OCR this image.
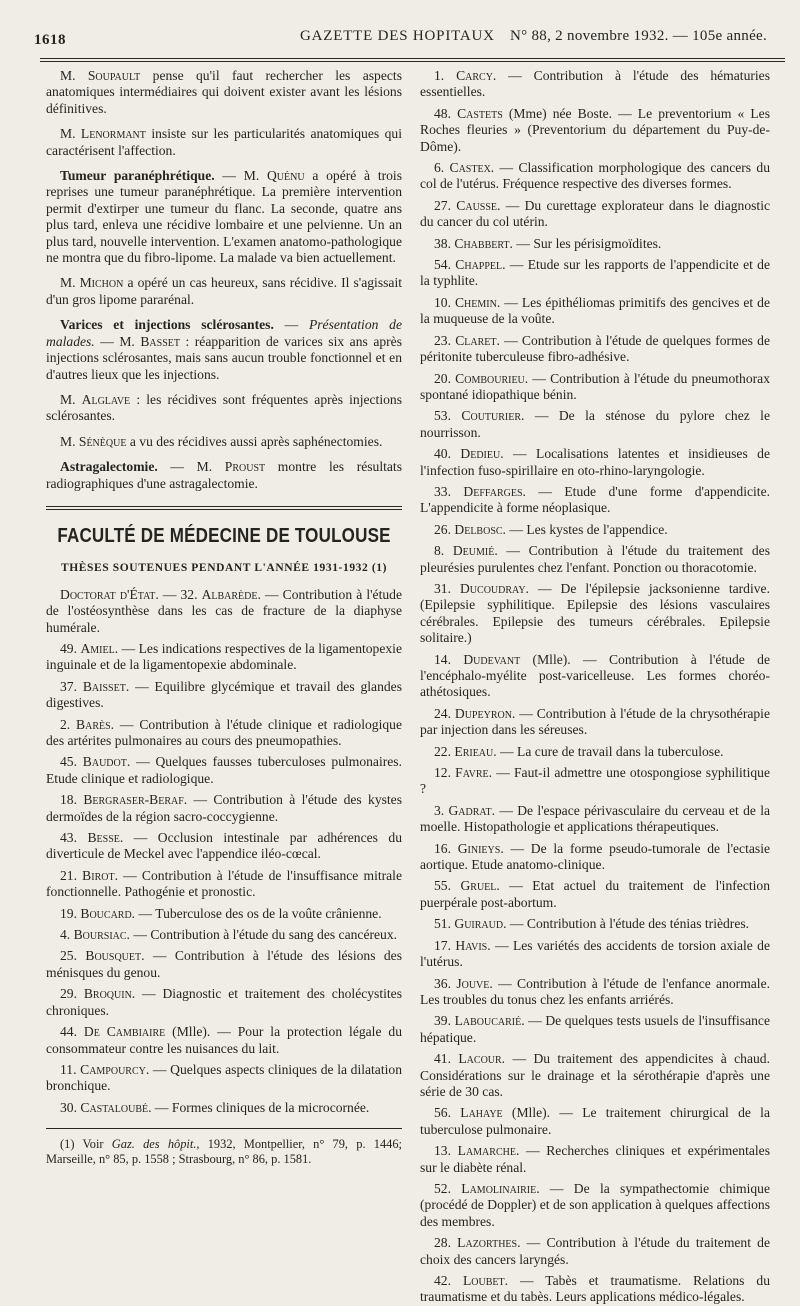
1618	GAZETTE DES HOPITAUX N° 88, 2 novembre 1932. — 105e année.

M. Soupault pense qu'il faut rechercher les aspects anatomiques intermédiaires qui doivent exister avant les lésions définitives.

M. Lenormant insiste sur les particularités anatomiques qui caractérisent l'affection.

Tumeur paranéphrétique. — M. Quénu a opéré à trois reprises une tumeur paranéphrétique. La première intervention permit d'extirper une tumeur du flanc. La seconde, quatre ans plus tard, enleva une récidive lombaire et une pelvienne. Un an plus tard, nouvelle intervention. L'examen anatomo-pathologique ne montra que du fibro-lipome. La malade va bien actuellement.

M. Michon a opéré un cas heureux, sans récidive. Il s'agissait d'un gros lipome pararénal.

Varices et injections sclérosantes. — Présentation de malades. — M. Basset : réapparition de varices six ans après injections sclérosantes, mais sans aucun trouble fonctionnel et en d'autres lieux que les injections.

M. Alglave : les récidives sont fréquentes après injections sclérosantes.

M. Sénèque a vu des récidives aussi après saphénectomies.

Astragalectomie. — M. Proust montre les résultats radiographiques d'une astragalectomie.

FACULTÉ DE MÉDECINE DE TOULOUSE
THÈSES SOUTENUES PENDANT L'ANNÉE 1931-1932 (1)

Doctorat d'État. — 32. Albarède. — Contribution à l'étude de l'ostéosynthèse dans les cas de fracture de la diaphyse humérale.

49. Amiel. — Les indications respectives de la ligamentopexie inguinale et de la ligamentopexie abdominale.

37. Baisset. — Equilibre glycémique et travail des glandes digestives.

2. Barès. — Contribution à l'étude clinique et radiologique des artérites pulmonaires au cours des pneumopathies.

45. Baudot. — Quelques fausses tuberculoses pulmonaires. Etude clinique et radiologique.

18. Bergraser-Beraf. — Contribution à l'étude des kystes dermoïdes de la région sacro-coccygienne.

43. Besse. — Occlusion intestinale par adhérences du diverticule de Meckel avec l'appendice iléo-cœcal.

21. Birot. — Contribution à l'étude de l'insuffisance mitrale fonctionnelle. Pathogénie et pronostic.

19. Boucard. — Tuberculose des os de la voûte crânienne.

4. Boursiac. — Contribution à l'étude du sang des cancéreux.

25. Bousquet. — Contribution à l'étude des lésions des ménisques du genou.

29. Broquin. — Diagnostic et traitement des cholécystites chroniques.

44. De Cambiaire (Mlle). — Pour la protection légale du consommateur contre les nuisances du lait.

11. Campourcy. — Quelques aspects cliniques de la dilatation bronchique.

30. Castaloubé. — Formes cliniques de la microcornée.

(1) Voir Gaz. des hôpit., 1932, Montpellier, n° 79, p. 1446; Marseille, n° 85, p. 1558 ; Strasbourg, n° 86, p. 1581.

1. Carcy. — Contribution à l'étude des hématuries essentielles.

48. Castets (Mme) née Boste. — Le preventorium « Les Roches fleuries » (Preventorium du département du Puy-de-Dôme).

6. Castex. — Classification morphologique des cancers du col de l'utérus. Fréquence respective des diverses formes.

27. Causse. — Du curettage explorateur dans le diagnostic du cancer du col utérin.

38. Chabbert. — Sur les périsigmoïdites.

54. Chappel. — Etude sur les rapports de l'appendicite et de la typhlite.

10. Chemin. — Les épithéliomas primitifs des gencives et de la muqueuse de la voûte.

23. Claret. — Contribution à l'étude de quelques formes de péritonite tuberculeuse fibro-adhésive.

20. Combourieu. — Contribution à l'étude du pneumothorax spontané idiopathique bénin.

53. Couturier. — De la sténose du pylore chez le nourrisson.

40. Dedieu. — Localisations latentes et insidieuses de l'infection fuso-spirillaire en oto-rhino-laryngologie.

33. Deffarges. — Etude d'une forme d'appendicite. L'appendicite à forme néoplasique.

26. Delbosc. — Les kystes de l'appendice.

8. Deumié. — Contribution à l'étude du traitement des pleurésies purulentes chez l'enfant. Ponction ou thoracotomie.

31. Ducoudray. — De l'épilepsie jacksonienne tardive. (Epilepsie syphilitique. Epilepsie des lésions vasculaires cérébrales. Epilepsie des tumeurs cérébrales. Epilepsie solitaire.)

14. Dudevant (Mlle). — Contribution à l'étude de l'encéphalo-myélite post-varicelleuse. Les formes choréo-athétosiques.

24. Dupeyron. — Contribution à l'étude de la chrysothérapie par injection dans les séreuses.

22. Erieau. — La cure de travail dans la tuberculose.

12. Favre. — Faut-il admettre une otospongiose syphilitique ?

3. Gadrat. — De l'espace périvasculaire du cerveau et de la moelle. Histopathologie et applications thérapeutiques.

16. Ginieys. — De la forme pseudo-tumorale de l'ectasie aortique. Etude anatomo-clinique.

55. Gruel. — Etat actuel du traitement de l'infection puerpérale post-abortum.

51. Guiraud. — Contribution à l'étude des ténias trièdres.

17. Havis. — Les variétés des accidents de torsion axiale de l'utérus.

36. Jouve. — Contribution à l'étude de l'enfance anormale. Les troubles du tonus chez les enfants arriérés.

39. Laboucarié. — De quelques tests usuels de l'insuffisance hépatique.

41. Lacour. — Du traitement des appendicites à chaud. Considérations sur le drainage et la sérothérapie d'après une série de 30 cas.

56. Lahaye (Mlle). — Le traitement chirurgical de la tuberculose pulmonaire.

13. Lamarche. — Recherches cliniques et expérimentales sur le diabète rénal.

52. Lamolinairie. — De la sympathectomie chimique (procédé de Doppler) et de son application à quelques affections des membres.

28. Lazorthes. — Contribution à l'étude du traitement de choix des cancers laryngés.

42. Loubet. — Tabès et traumatisme. Relations du traumatisme et du tabès. Leurs applications médico-légales.
